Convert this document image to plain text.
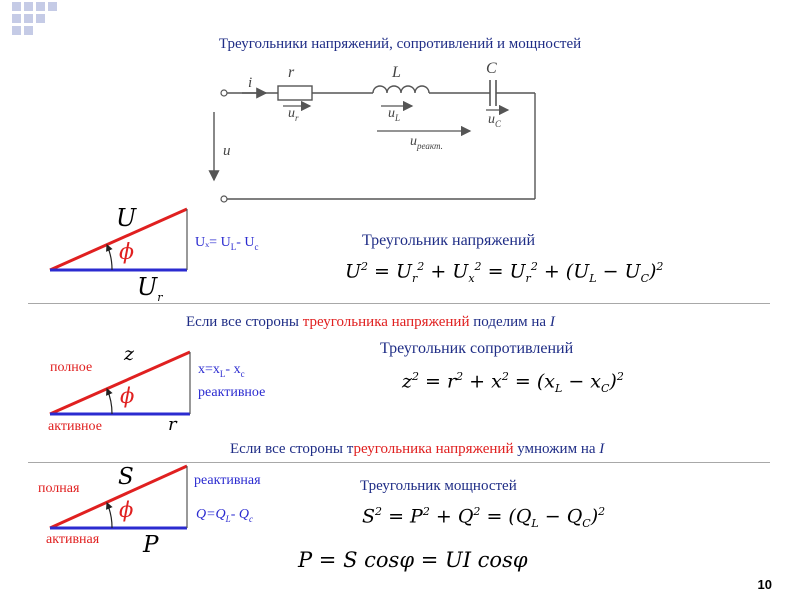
Треугольники напряжений, сопротивлений и мощностей
i
r	L	C
$u_r$	$u_L$	$u_C$
$u_{реакт.}$
u
U
ϕ
$U_r$
$U_x= U_L-$ $U_c$	Треугольник напряжений
$U^2 = U_r^2 + U_x^2 = U_r^2 + (U_L - U_C)^2$
Если все стороны треугольника напряжений поделим на I
полное
z
ϕ
активное	r
$x=x_L-$ $x_c$
реактивное
Треугольник сопротивлений
$z^2 = r^2 + x^2 = (x_L - x_C)^2$
Если все стороны треугольника напряжений умножим на I
полная S
ϕ
активная P
реактивная
$Q=Q_L-$ $Q_c$
Треугольник мощностей
$S^2 = P^2 + Q^2 = (Q_L - Q_C)^2$
P = S cosφ = UI cosφ
10
